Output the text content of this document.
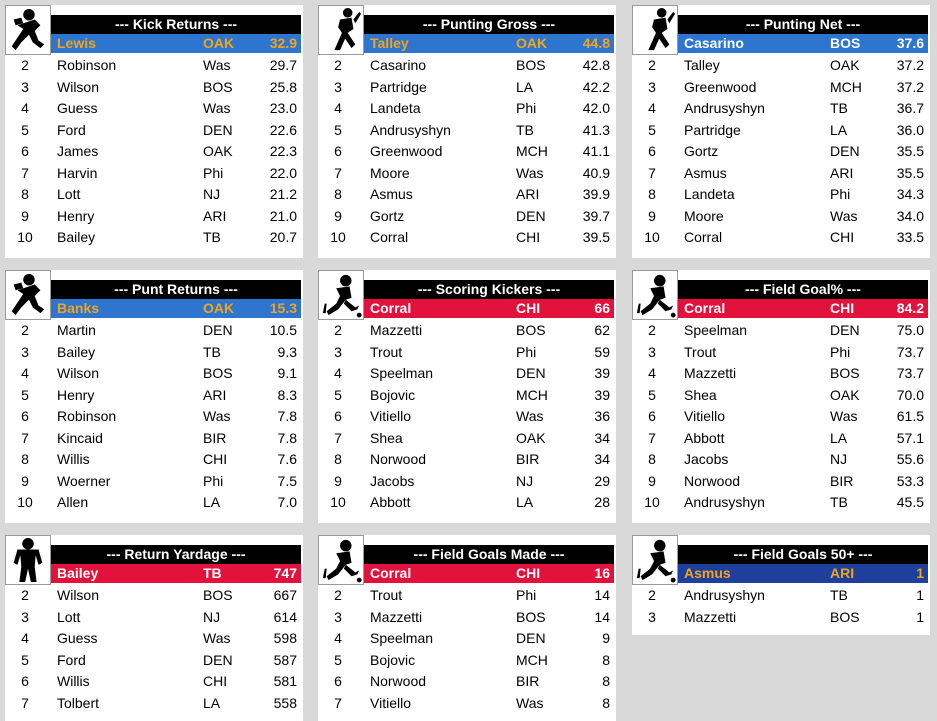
--- Kick Returns ---
Lewis	OAK	32.9
2	Robinson	Was	29.7
3	Wilson	BOS	25.8
4	Guess	Was	23.0
5	Ford	DEN	22.6
6	James	OAK	22.3
7	Harvin	Phi	22.0
8	Lott	NJ	21.2
9	Henry	ARI	21.0
10 Bailey	TB	20.7
--- Punting Gross ---
Talley	OAK	44.8
2	Casarino	BOS	42.8
3	Partridge	LA	42.2
4	Landeta	Phi	42.0
5	Andrusyshyn	TB	41.3
6	Greenwood	MCH 41.1
7	Moore	Was	40.9
8	Asmus	ARI	39.9
9	Gortz	DEN	39.7
10 Corral	CHI	39.5
--- Punting Net ---
Casarino	BOS	37.6
2	Talley	OAK	37.2
3	Greenwood	MCH 37.2
4	Andrusyshyn	TB	36.7
5	Partridge	LA	36.0
6	Gortz	DEN	35.5
7	Asmus	ARI	35.5
8	Landeta	Phi	34.3
9	Moore	Was	34.0
10 Corral	CHI	33.5
--- Punt Returns ---
Banks	OAK	15.3
2	Martin	DEN	10.5
3	Bailey	TB	9.3
4	Wilson	BOS	9.1
5	Henry	ARI	8.3
6	Robinson	Was	7.8
7	Kincaid	BIR	7.8
8	Willis	CHI	7.6
9	Woerner	Phi	7.5
10 Allen	LA	7.0
--- Scoring Kickers ---
Corral	CHI	66
2	Mazzetti	BOS	62
3	Trout	Phi	59
4	Speelman	DEN	39
5	Bojovic	MCH	39
6	Vitiello	Was	36
7	Shea	OAK	34
8	Norwood	BIR	34
9	Jacobs	NJ	29
10 Abbott	LA	28
--- Field Goal% ---
Corral	CHI	84.2
2	Speelman	DEN	75.0
3	Trout	Phi	73.7
4	Mazzetti	BOS	73.7
5	Shea	OAK	70.0
6	Vitiello	Was	61.5
7	Abbott	LA	57.1
8	Jacobs	NJ	55.6
9	Norwood	BIR	53.3
10 Andrusyshyn	TB	45.5
--- Return Yardage ---
Bailey	TB	747
2	Wilson	BOS	667
3	Lott	NJ	614
4	Guess	Was	598
5	Ford	DEN	587
6	Willis	CHI	581
7	Tolbert	LA	558
--- Field Goals Made ---
Corral	CHI	16
2	Trout	Phi	14
3	Mazzetti	BOS	14
4	Speelman	DEN	9
5	Bojovic	MCH	8
6	Norwood	BIR	8
7	Vitiello	Was	8
--- Field Goals 50+ ---
Asmus	ARI	1
2	Andrusyshyn	TB	1
3	Mazzetti	BOS	1
